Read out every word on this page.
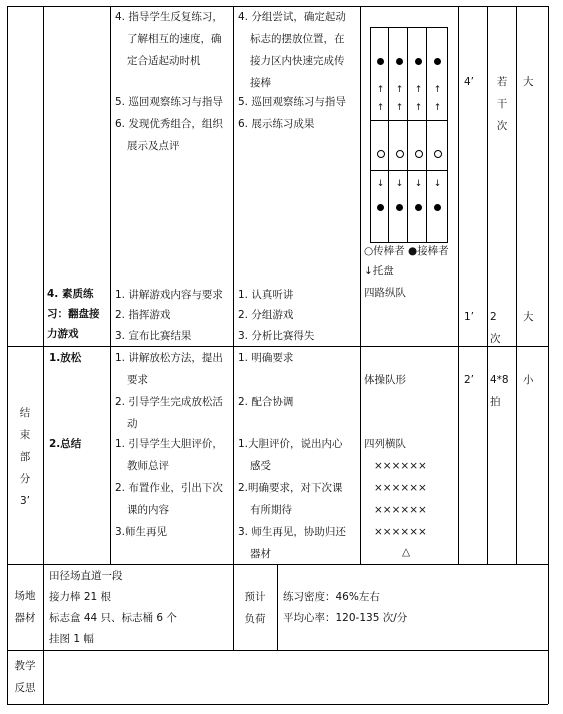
4. 素质练习：翻盘接力游戏
4. 指导学生反复练习，
了解相互的速度，确
定合适起动时机
5. 巡回观察练习与指导
6. 发现优秀组合，组织
展示及点评
1. 讲解游戏内容与要求
2. 指挥游戏
3. 宣布比赛结果
4. 分组尝试，确定起动
标志的摆放位置，在
接力区内快速完成传
接棒
5. 巡回观察练习与指导
6. 展示练习成果
1. 认真听讲
2. 分组游戏
3. 分析比赛得失
↑ ↑ ↑ ↑
↑ ↑ ↑ ↑
↓ ↓ ↓ ↓
○传棒者 ●接棒者
↓托盘
四路纵队
4’	若
干
次
大
1’ 2
次
大
结
束
部
分
3’
1.放松
2.总结
1. 讲解放松方法，提出
要求
2. 引导学生完成放松活
动
1. 引导学生大胆评价，
教师总评
2. 布置作业，引出下次
课的内容
3.师生再见
1. 明确要求
2. 配合协调
1.大胆评价，说出内心
感受
2.明确要求，对下次课
有所期待
3. 师生再见，协助归还
器材
体操队形
四列横队
××××××
××××××
××××××
××××××
△
2’ 4*8
拍
小
场地
器材
田径场直道一段
接力棒 21 根
标志盒 44 只、标志桶 6 个
挂图 1 幅
预计
负荷
练习密度：46%左右
平均心率：120-135 次/分
教学
反思
